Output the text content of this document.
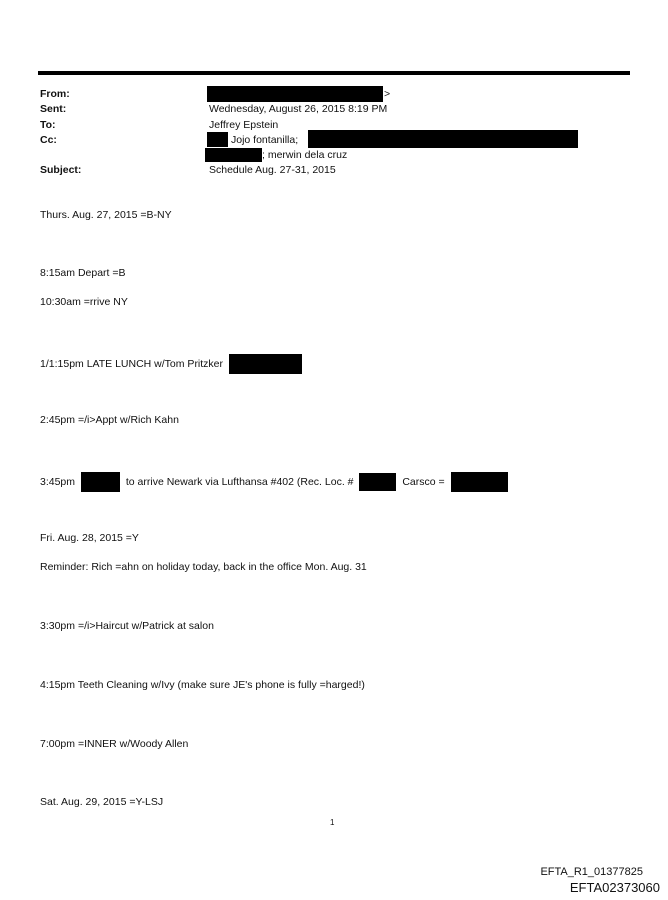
From:
Sent:
To:
Cc:
Subject:
>
Wednesday, August 26, 2015 8:19 PM
Jeffrey Epstein
Jojo fontanilla;
; merwin dela cruz
Schedule Aug. 27-31, 2015
Thurs. Aug. 27, 2015 =B-NY
8:15am Depart =B
10:30am =rrive NY
1/1:15pm LATE LUNCH w/Tom Pritzker
2:45pm =/i>Appt w/Rich Kahn
3:45pm	to arrive Newark via Lufthansa #402 (Rec. Loc. #	Carsco =
Fri. Aug. 28, 2015 =Y
Reminder: Rich =ahn on holiday today, back in the office Mon. Aug. 31
3:30pm =/i>Haircut w/Patrick at salon
4:15pm Teeth Cleaning w/Ivy (make sure JE's phone is fully =harged!)
7:00pm =INNER w/Woody Allen
Sat. Aug. 29, 2015 =Y-LSJ
1
EFTA_R1_01377825
EFTA02373060
